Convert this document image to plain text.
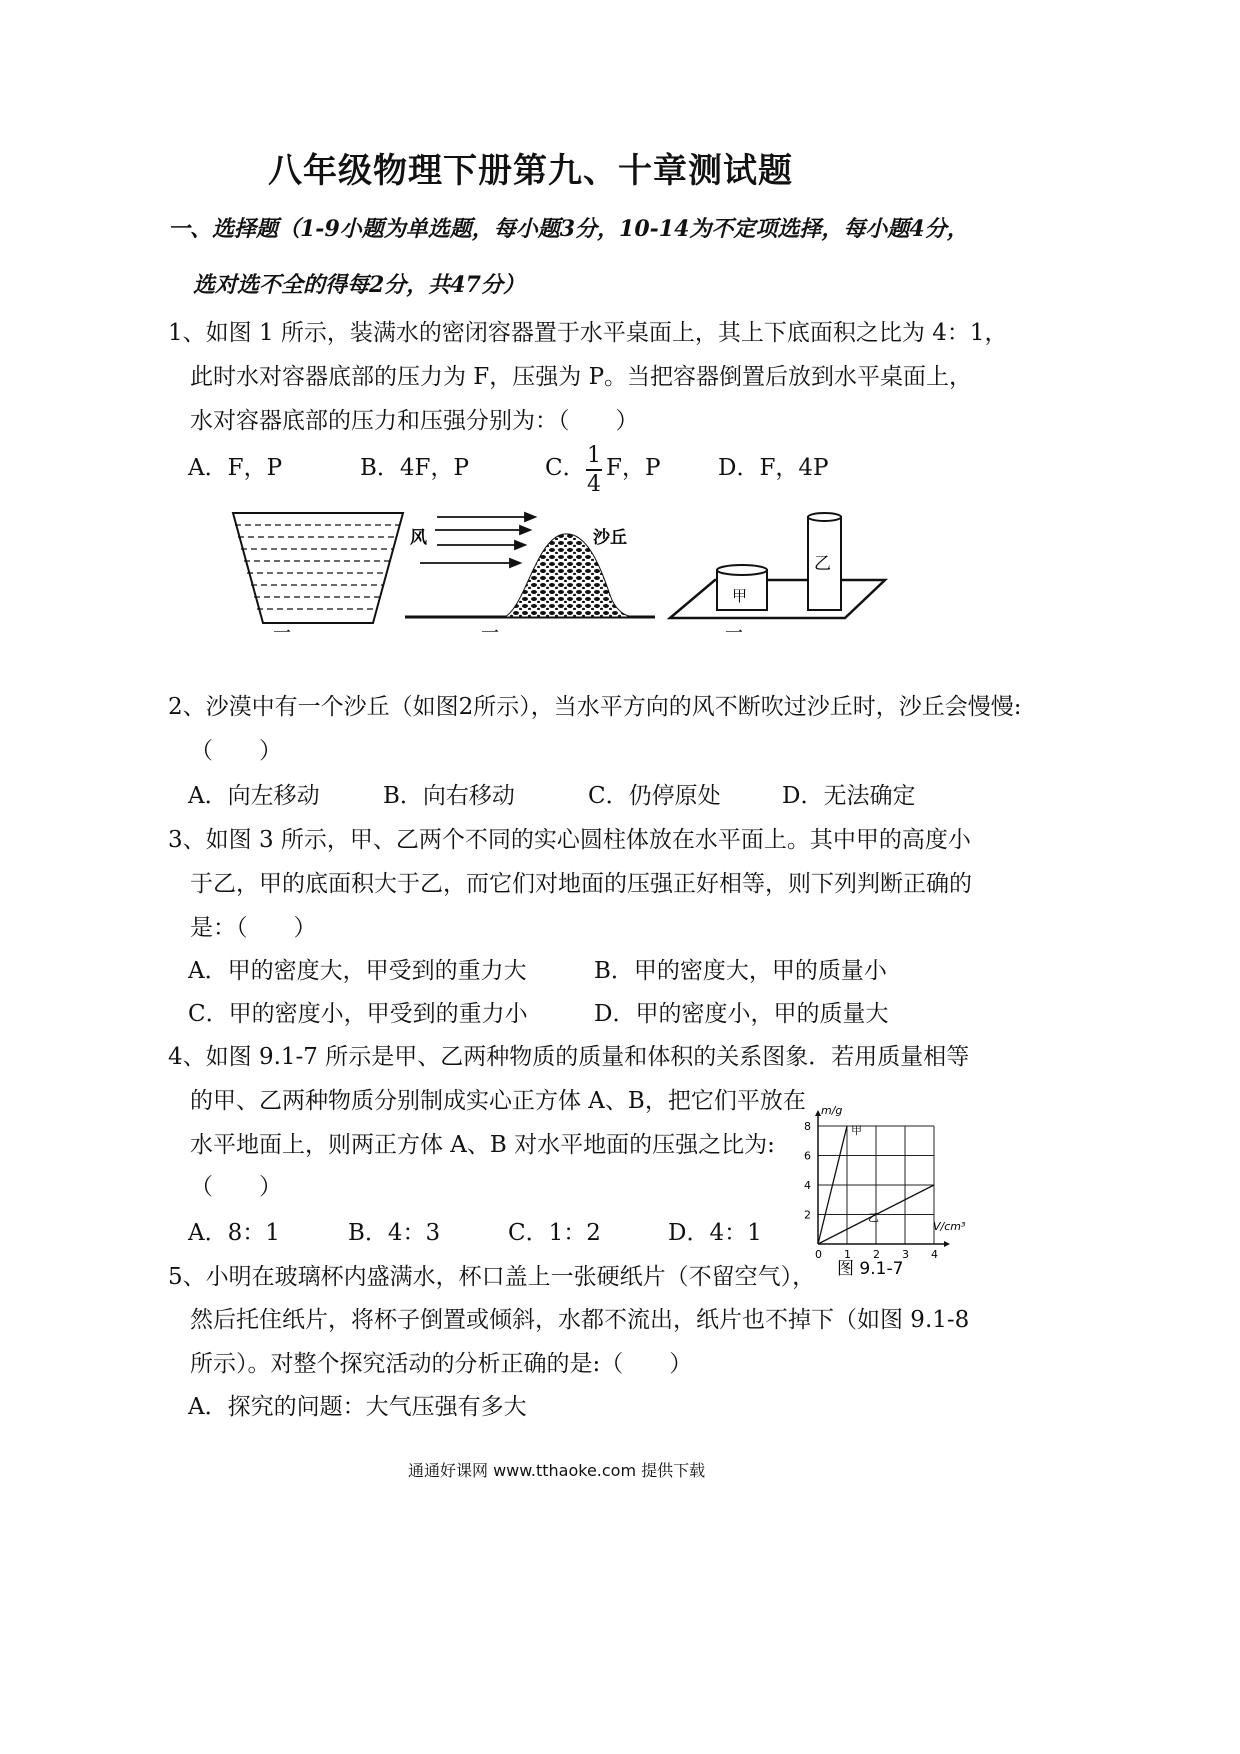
八年级物理下册第九、十章测试题
一、选择题（1-9小题为单选题，每小题3分，10-14为不定项选择，每小题4分，
选对选不全的得每2分，共47分）
1、如图 1 所示，装满水的密闭容器置于水平桌面上，其上下底面积之比为 4：1，
此时水对容器底部的压力为 F，压强为 P。当把容器倒置后放到水平桌面上，
水对容器底部的压力和压强分别为：（　　）
A．F，P	B．4F，P	C． 1
4
F，P	D．F，4P
一
风	沙丘
一
甲
乙
一
2、沙漠中有一个沙丘（如图2所示），当水平方向的风不断吹过沙丘时，沙丘会慢慢:
（　　）
A．向左移动	B．向右移动	C．仍停原处	D．无法确定
3、如图 3 所示，甲、乙两个不同的实心圆柱体放在水平面上。其中甲的高度小
于乙，甲的底面积大于乙，而它们对地面的压强正好相等，则下列判断正确的
是：（　　）
A．甲的密度大，甲受到的重力大	B．甲的密度大，甲的质量小
C．甲的密度小，甲受到的重力小	D．甲的密度小，甲的质量大
4、如图 9.1-7 所示是甲、乙两种物质的质量和体积的关系图象．若用质量相等
的甲、乙两种物质分别制成实心正方体 A、B，把它们平放在
水平地面上，则两正方体 A、B 对水平地面的压强之比为:
（　　）
A．8：1	B．4：3	C．1：2	D．4：1
m/g
V/cm³
图 9.1-7
0 1 2 3 4
2
4
6
8	甲
乙
5、小明在玻璃杯内盛满水，杯口盖上一张硬纸片（不留空气），
然后托住纸片，将杯子倒置或倾斜，水都不流出，纸片也不掉下（如图 9.1-8
所示）。对整个探究活动的分析正确的是:（　　）
A．探究的问题：大气压强有多大
通通好课网 www.tthaoke.com 提供下载
